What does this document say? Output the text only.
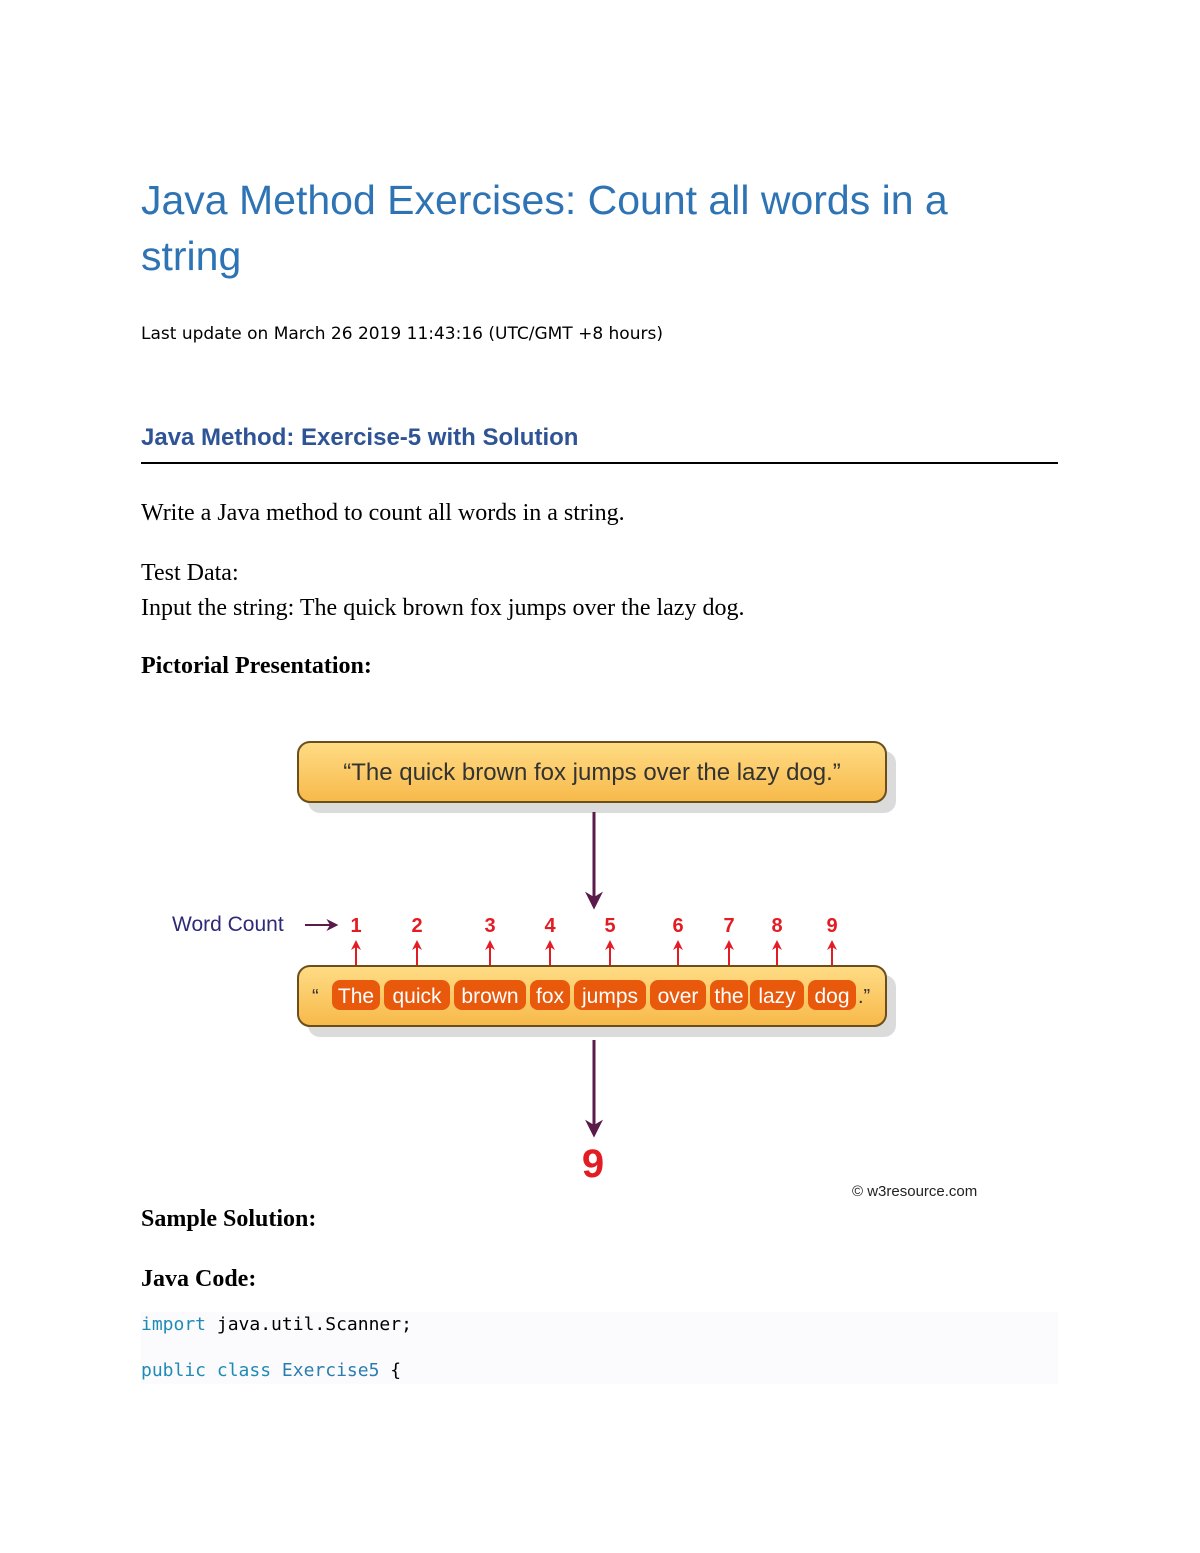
Java Method Exercises: Count all words in a string
Last update on March 26 2019 11:43:16 (UTC/GMT +8 hours)
Java Method: Exercise-5 with Solution

Write a Java method to count all words in a string.

Test Data:

Input the string: The quick brown fox jumps over the lazy dog.

Pictorial Presentation:

“The quick brown fox jumps over the lazy dog.”
Word Count	1 2	3 4 5	6 7 8 9
“ The quick brown fox jumps over the lazy dog .”
9
© w3resource.com

Sample Solution:

Java Code:

import java.util.Scanner;
public class Exercise5 {
